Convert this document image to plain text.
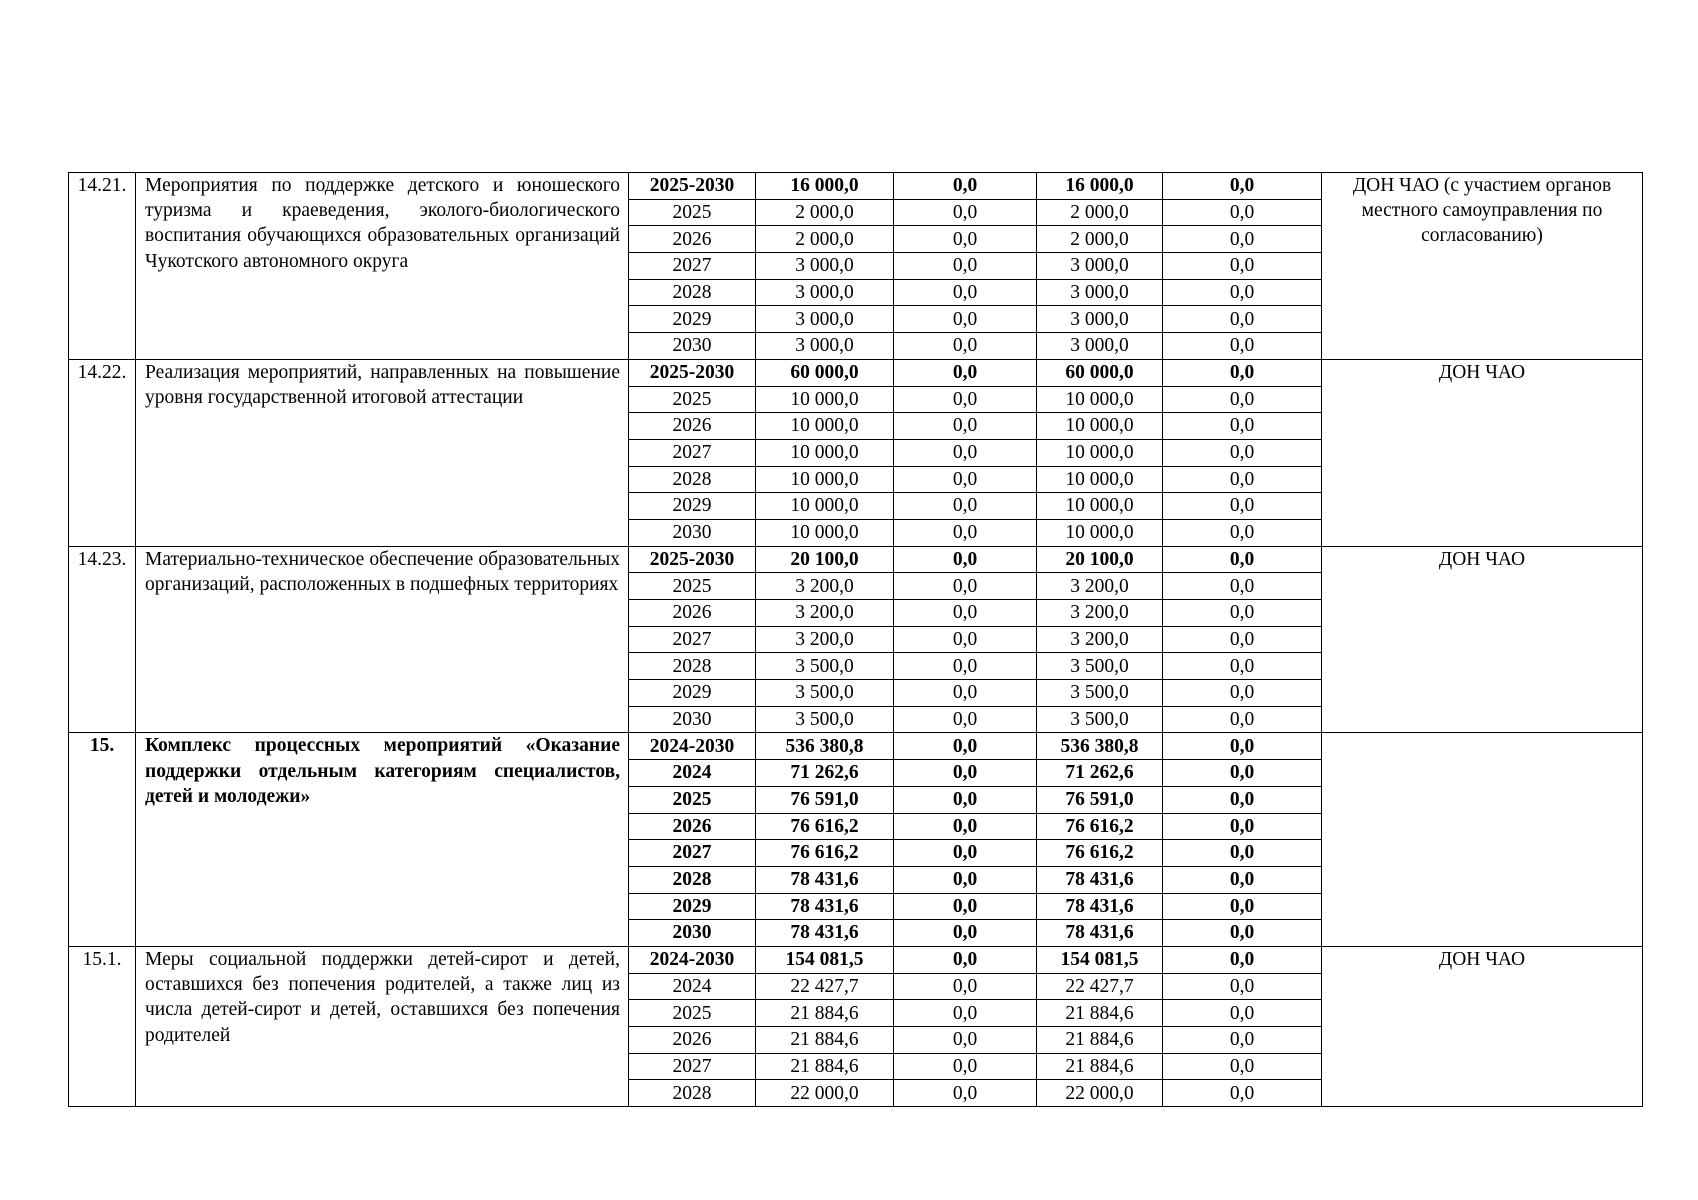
14.21.	Мероприятия по поддержке детского и юношеского туризма и краеведения, эколого-биологического воспитания обучающихся образовательных организаций Чукотского автономного округа	2025-2030	16 000,0	0,0	16 000,0	0,0	ДОН ЧАО (с участием органов местного самоуправления по согласованию)
		2025	2 000,0	0,0	2 000,0	0,0	
		2026	2 000,0	0,0	2 000,0	0,0	
		2027	3 000,0	0,0	3 000,0	0,0	
		2028	3 000,0	0,0	3 000,0	0,0	
		2029	3 000,0	0,0	3 000,0	0,0	
		2030	3 000,0	0,0	3 000,0	0,0	
14.22.	Реализация мероприятий, направленных на повышение уровня государственной итоговой аттестации	2025-2030	60 000,0	0,0	60 000,0	0,0	ДОН ЧАО
		2025	10 000,0	0,0	10 000,0	0,0	
		2026	10 000,0	0,0	10 000,0	0,0	
		2027	10 000,0	0,0	10 000,0	0,0	
		2028	10 000,0	0,0	10 000,0	0,0	
		2029	10 000,0	0,0	10 000,0	0,0	
		2030	10 000,0	0,0	10 000,0	0,0	
14.23.	Материально-техническое обеспечение образовательных организаций, расположенных в подшефных территориях	2025-2030	20 100,0	0,0	20 100,0	0,0	ДОН ЧАО
		2025	3 200,0	0,0	3 200,0	0,0	
		2026	3 200,0	0,0	3 200,0	0,0	
		2027	3 200,0	0,0	3 200,0	0,0	
		2028	3 500,0	0,0	3 500,0	0,0	
		2029	3 500,0	0,0	3 500,0	0,0	
		2030	3 500,0	0,0	3 500,0	0,0	
15.	Комплекс процессных мероприятий «Оказание поддержки отдельным категориям специалистов, детей и молодежи»	2024-2030	536 380,8	0,0	536 380,8	0,0	
		2024	71 262,6	0,0	71 262,6	0,0	
		2025	76 591,0	0,0	76 591,0	0,0	
		2026	76 616,2	0,0	76 616,2	0,0	
		2027	76 616,2	0,0	76 616,2	0,0	
		2028	78 431,6	0,0	78 431,6	0,0	
		2029	78 431,6	0,0	78 431,6	0,0	
		2030	78 431,6	0,0	78 431,6	0,0	
15.1.	Меры социальной поддержки детей-сирот и детей, оставшихся без попечения родителей, а также лиц из числа детей-сирот и детей, оставшихся без попечения родителей	2024-2030	154 081,5	0,0	154 081,5	0,0	ДОН ЧАО
		2024	22 427,7	0,0	22 427,7	0,0	
		2025	21 884,6	0,0	21 884,6	0,0	
		2026	21 884,6	0,0	21 884,6	0,0	
		2027	21 884,6	0,0	21 884,6	0,0	
		2028	22 000,0	0,0	22 000,0	0,0	
